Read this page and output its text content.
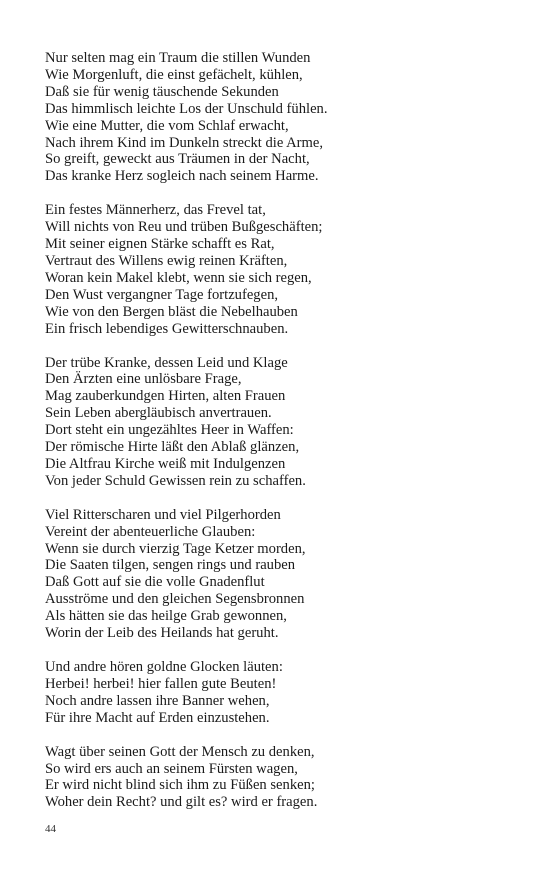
Nur selten mag ein Traum die stillen Wunden
Wie Morgenluft, die einst gefächelt, kühlen,
Daß sie für wenig täuschende Sekunden
Das himmlisch leichte Los der Unschuld fühlen.
Wie eine Mutter, die vom Schlaf erwacht,
Nach ihrem Kind im Dunkeln streckt die Arme,
So greift, geweckt aus Träumen in der Nacht,
Das kranke Herz sogleich nach seinem Harme.
Ein festes Männerherz, das Frevel tat,
Will nichts von Reu und trüben Bußgeschäften;
Mit seiner eignen Stärke schafft es Rat,
Vertraut des Willens ewig reinen Kräften,
Woran kein Makel klebt, wenn sie sich regen,
Den Wust vergangner Tage fortzufegen,
Wie von den Bergen bläst die Nebelhauben
Ein frisch lebendiges Gewitterschnauben.
Der trübe Kranke, dessen Leid und Klage
Den Ärzten eine unlösbare Frage,
Mag zauberkundgen Hirten, alten Frauen
Sein Leben abergläubisch anvertrauen.
Dort steht ein ungezähltes Heer in Waffen:
Der römische Hirte läßt den Ablaß glänzen,
Die Altfrau Kirche weiß mit Indulgenzen
Von jeder Schuld Gewissen rein zu schaffen.
Viel Ritterscharen und viel Pilgerhorden
Vereint der abenteuerliche Glauben:
Wenn sie durch vierzig Tage Ketzer morden,
Die Saaten tilgen, sengen rings und rauben
Daß Gott auf sie die volle Gnadenflut
Ausströme und den gleichen Segensbronnen
Als hätten sie das heilge Grab gewonnen,
Worin der Leib des Heilands hat geruht.
Und andre hören goldne Glocken läuten:
Herbei! herbei! hier fallen gute Beuten!
Noch andre lassen ihre Banner wehen,
Für ihre Macht auf Erden einzustehen.
Wagt über seinen Gott der Mensch zu denken,
So wird ers auch an seinem Fürsten wagen,
Er wird nicht blind sich ihm zu Füßen senken;
Woher dein Recht? und gilt es? wird er fragen.
44
